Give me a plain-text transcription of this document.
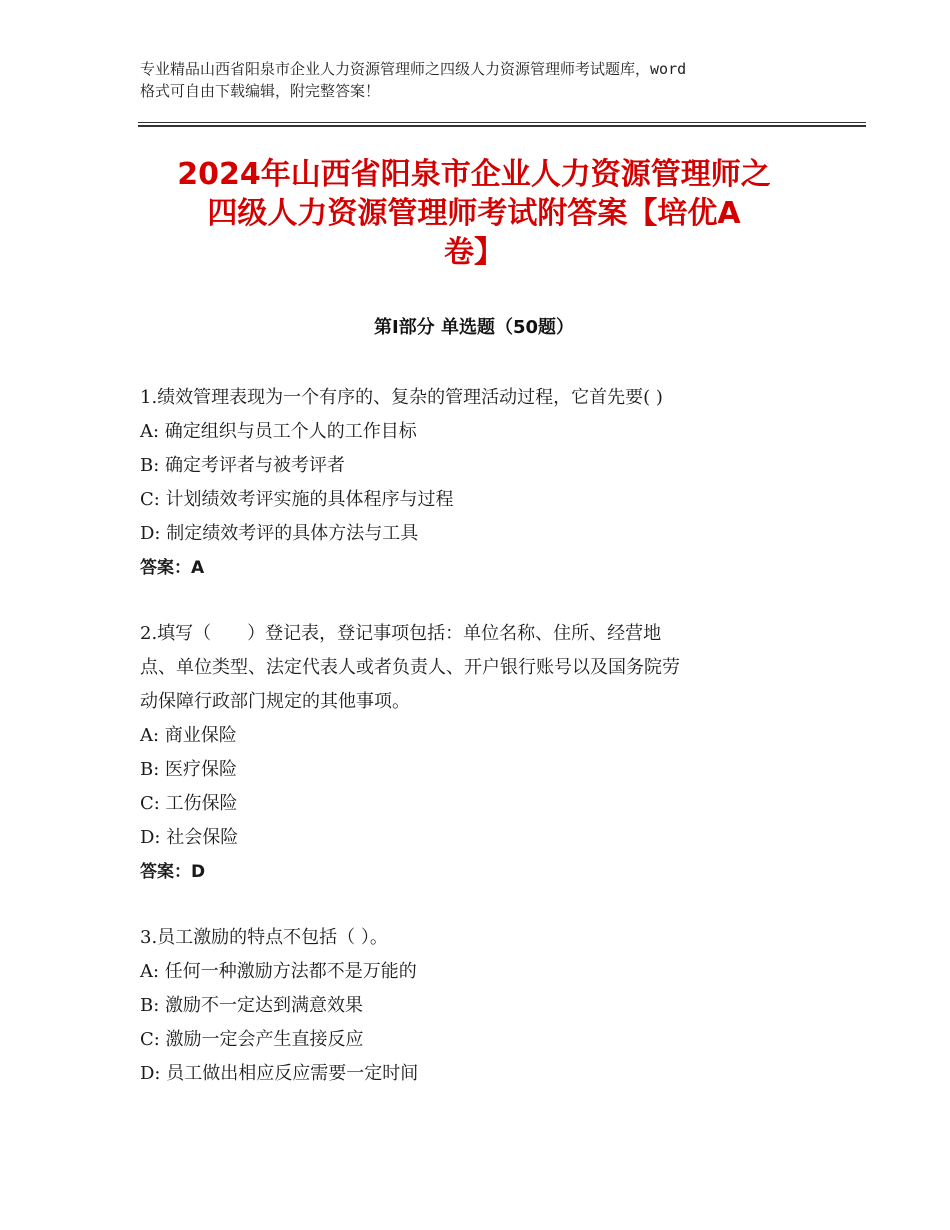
专业精品山西省阳泉市企业人力资源管理师之四级人力资源管理师考试题库，word
格式可自由下载编辑，附完整答案！
2024年山西省阳泉市企业人力资源管理师之
四级人力资源管理师考试附答案【培优A
卷】
第Ⅰ部分 单选题（50题）
1.绩效管理表现为一个有序的、复杂的管理活动过程，它首先要( )
A: 确定组织与员工个人的工作目标
B: 确定考评者与被考评者
C: 计划绩效考评实施的具体程序与过程
D: 制定绩效考评的具体方法与工具
答案：A
2.填写（　　）登记表，登记事项包括：单位名称、住所、经营地
点、单位类型、法定代表人或者负责人、开户银行账号以及国务院劳
动保障行政部门规定的其他事项。
A: 商业保险
B: 医疗保险
C: 工伤保险
D: 社会保险
答案：D
3.员工激励的特点不包括（ ）。
A: 任何一种激励方法都不是万能的
B: 激励不一定达到满意效果
C: 激励一定会产生直接反应
D: 员工做出相应反应需要一定时间
